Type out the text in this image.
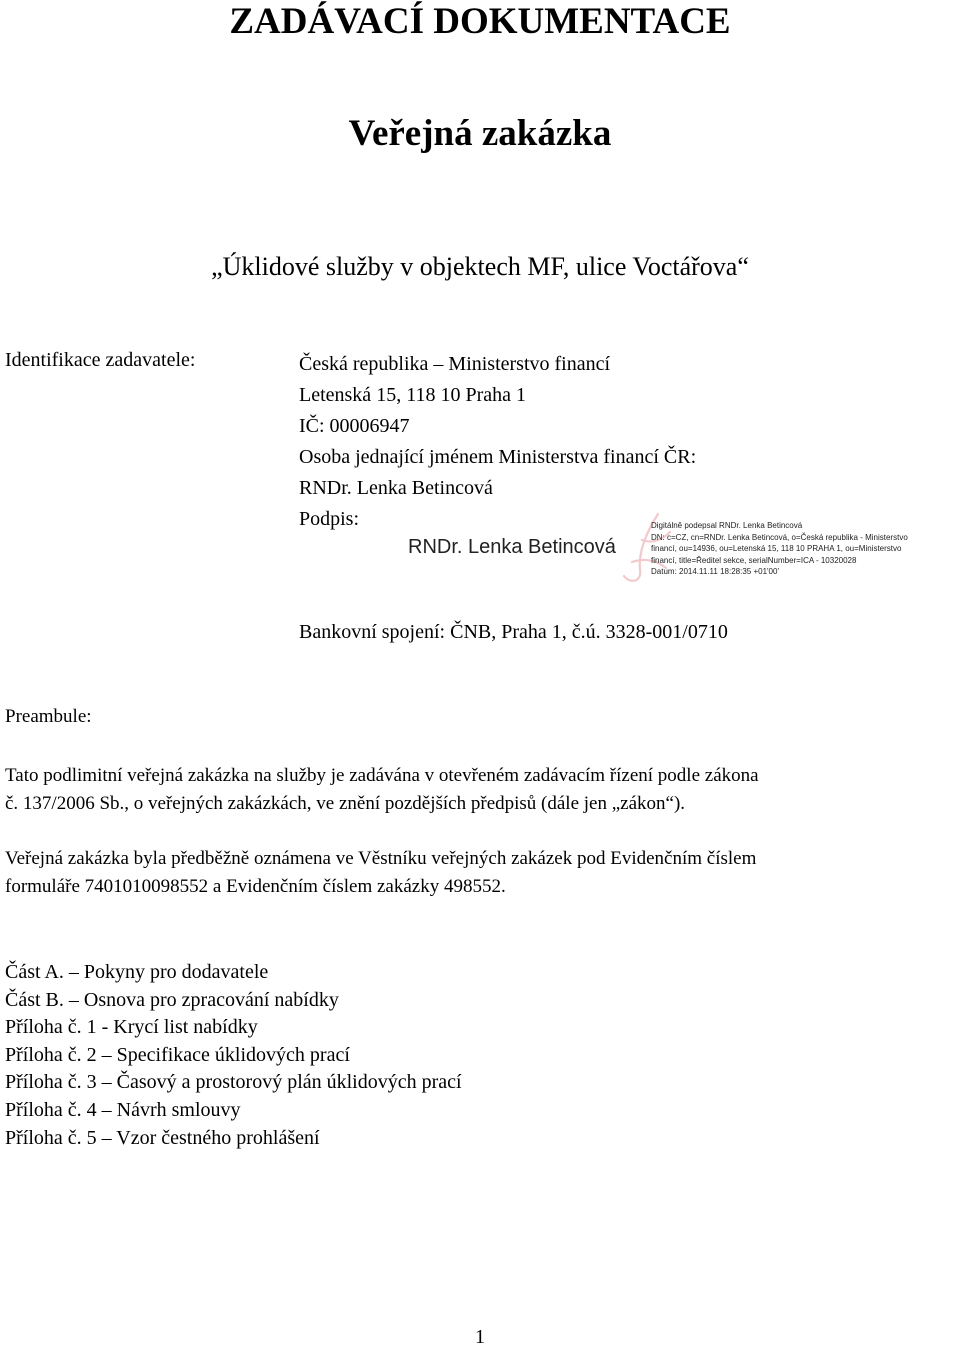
ZADÁVACÍ DOKUMENTACE
Veřejná zakázka
„Úklidové služby v objektech MF, ulice Voctářova“
Identifikace zadavatele:	Česká republika – Ministerstvo financí
Letenská 15, 118 10 Praha 1
IČ: 00006947
Osoba jednající jménem Ministerstva financí ČR:
RNDr. Lenka Betincová
Podpis:
RNDr. Lenka Betincová
Digitálně podepsal RNDr. Lenka Betincová
DN: c=CZ, cn=RNDr. Lenka Betincová, o=Česká republika - Ministerstvo
financí, ou=14936, ou=Letenská 15, 118 10 PRAHA 1, ou=Ministerstvo
financí, title=Ředitel sekce, serialNumber=ICA - 10320028
Datum: 2014.11.11 18:28:35 +01'00'
Bankovní spojení: ČNB, Praha 1, č.ú. 3328-001/0710
Preambule:
Tato podlimitní veřejná zakázka na služby je zadávána v otevřeném zadávacím řízení podle zákona
č. 137/2006 Sb., o veřejných zakázkách, ve znění pozdějších předpisů (dále jen „zákon“).
Veřejná zakázka byla předběžně oznámena ve Věstníku veřejných zakázek pod Evidenčním číslem
formuláře 7401010098552 a Evidenčním číslem zakázky 498552.
Část A. – Pokyny pro dodavatele
Část B. – Osnova pro zpracování nabídky
Příloha č. 1 - Krycí list nabídky
Příloha č. 2 – Specifikace úklidových prací
Příloha č. 3 – Časový a prostorový plán úklidových prací
Příloha č. 4 – Návrh smlouvy
Příloha č. 5 – Vzor čestného prohlášení
1
